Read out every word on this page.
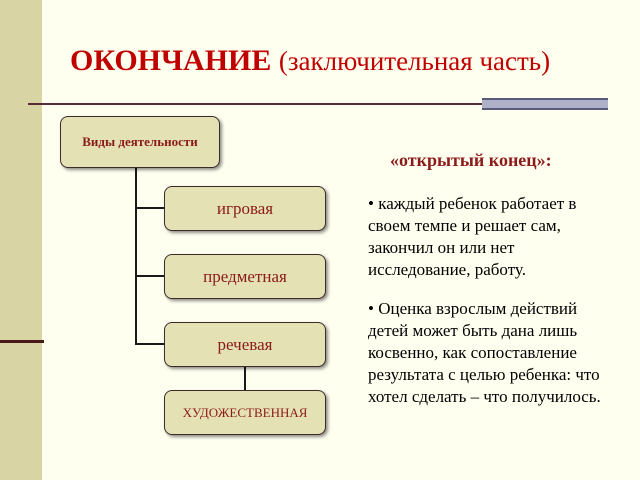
ОКОНЧАНИЕ (заключительная часть)
Виды деятельности
игровая
предметная
речевая
ХУДОЖЕСТВЕННАЯ
«открытый конец»:
• каждый ребенок работает в своем темпе и решает сам, закончил он или нет исследование, работу.
• Оценка взрослым действий детей может быть дана лишь косвенно, как сопоставление результата с целью ребенка: что хотел сделать – что получилось.
